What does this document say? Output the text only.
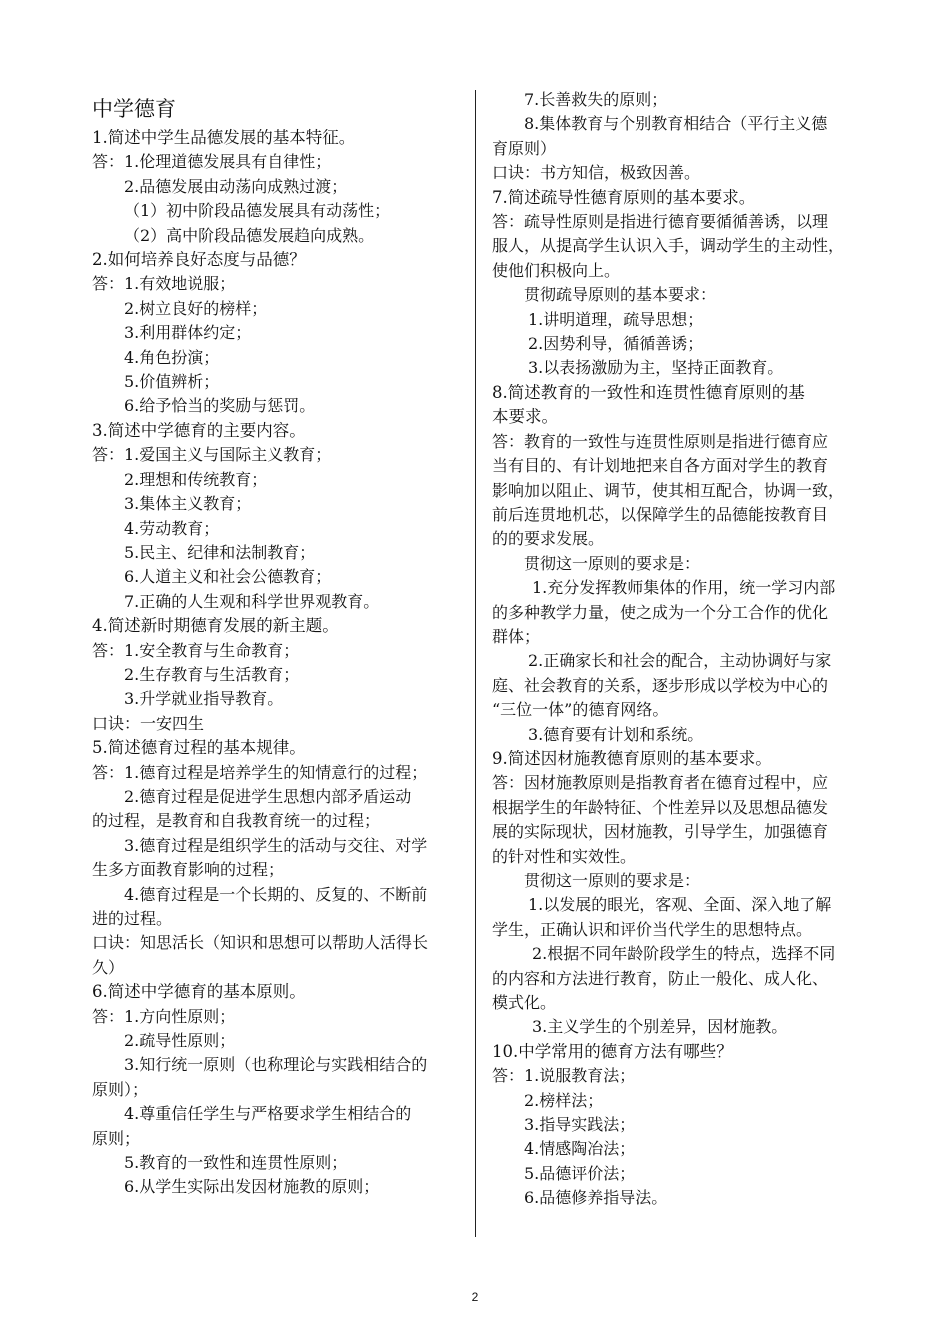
中学德育
1.简述中学生品德发展的基本特征。
答：1.伦理道德发展具有自律性；
2.品德发展由动荡向成熟过渡；
（1）初中阶段品德发展具有动荡性；
（2）高中阶段品德发展趋向成熟。
2.如何培养良好态度与品德？
答：1.有效地说服；
2.树立良好的榜样；
3.利用群体约定；
4.角色扮演；
5.价值辨析；
6.给予恰当的奖励与惩罚。
3.简述中学德育的主要内容。
答：1.爱国主义与国际主义教育；
2.理想和传统教育；
3.集体主义教育；
4.劳动教育；
5.民主、纪律和法制教育；
6.人道主义和社会公德教育；
7.正确的人生观和科学世界观教育。
4.简述新时期德育发展的新主题。
答：1.安全教育与生命教育；
2.生存教育与生活教育；
3.升学就业指导教育。
口诀：一安四生
5.简述德育过程的基本规律。
答：1.德育过程是培养学生的知情意行的过程；
2.德育过程是促进学生思想内部矛盾运动
的过程，是教育和自我教育统一的过程；
3.德育过程是组织学生的活动与交往、对学
生多方面教育影响的过程；
4.德育过程是一个长期的、反复的、不断前
进的过程。
口诀：知思活长（知识和思想可以帮助人活得长
久）
6.简述中学德育的基本原则。
答：1.方向性原则；
2.疏导性原则；
3.知行统一原则（也称理论与实践相结合的
原则）；
4.尊重信任学生与严格要求学生相结合的
原则；
5.教育的一致性和连贯性原则；
6.从学生实际出发因材施教的原则；
7.长善救失的原则；
8.集体教育与个别教育相结合（平行主义德
育原则）
口诀：书方知信，极致因善。
7.简述疏导性德育原则的基本要求。
答：疏导性原则是指进行德育要循循善诱，以理
服人，从提高学生认识入手，调动学生的主动性，
使他们积极向上。
贯彻疏导原则的基本要求：
1.讲明道理，疏导思想；
2.因势利导，循循善诱；
3.以表扬激励为主，坚持正面教育。
8.简述教育的一致性和连贯性德育原则的基
本要求。
答：教育的一致性与连贯性原则是指进行德育应
当有目的、有计划地把来自各方面对学生的教育
影响加以阻止、调节，使其相互配合，协调一致，
前后连贯地机芯，以保障学生的品德能按教育目
的的要求发展。
贯彻这一原则的要求是：
1.充分发挥教师集体的作用，统一学习内部
的多种教学力量，使之成为一个分工合作的优化
群体；
2.正确家长和社会的配合，主动协调好与家
庭、社会教育的关系，逐步形成以学校为中心的
“三位一体”的德育网络。
3.德育要有计划和系统。
9.简述因材施教德育原则的基本要求。
答：因材施教原则是指教育者在德育过程中，应
根据学生的年龄特征、个性差异以及思想品德发
展的实际现状，因材施教，引导学生，加强德育
的针对性和实效性。
贯彻这一原则的要求是：
1.以发展的眼光，客观、全面、深入地了解
学生，正确认识和评价当代学生的思想特点。
2.根据不同年龄阶段学生的特点，选择不同
的内容和方法进行教育，防止一般化、成人化、
模式化。
3.主义学生的个别差异，因材施教。
10.中学常用的德育方法有哪些？
答：1.说服教育法；
2.榜样法；
3.指导实践法；
4.情感陶冶法；
5.品德评价法；
6.品德修养指导法。
2
